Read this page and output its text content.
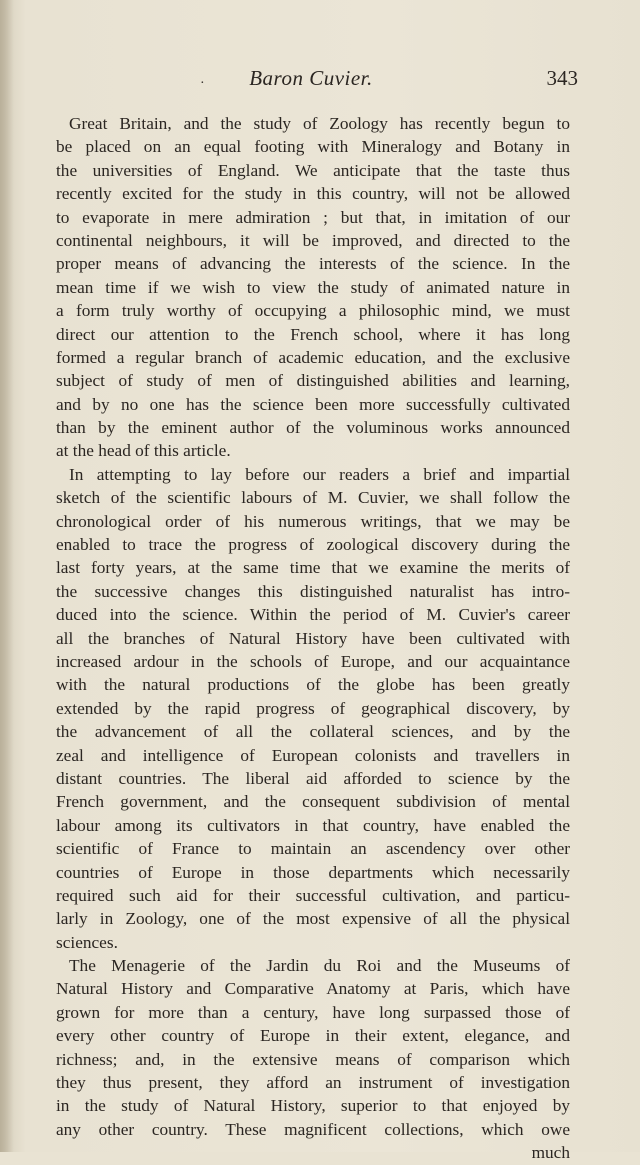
·	Baron Cuvier.	343
Great Britain, and the study of Zoology has recently begun to
be placed on an equal footing with Mineralogy and Botany in
the universities of England. We anticipate that the taste thus
recently excited for the study in this country, will not be allowed
to evaporate in mere admiration ; but that, in imitation of our
continental neighbours, it will be improved, and directed to the
proper means of advancing the interests of the science. In the
mean time if we wish to view the study of animated nature in
a form truly worthy of occupying a philosophic mind, we must
direct our attention to the French school, where it has long
formed a regular branch of academic education, and the exclusive
subject of study of men of distinguished abilities and learning,
and by no one has the science been more successfully cultivated
than by the eminent author of the voluminous works announced
at the head of this article.
In attempting to lay before our readers a brief and impartial
sketch of the scientific labours of M. Cuvier, we shall follow the
chronological order of his numerous writings, that we may be
enabled to trace the progress of zoological discovery during the
last forty years, at the same time that we examine the merits of
the successive changes this distinguished naturalist has intro-
duced into the science. Within the period of M. Cuvier's career
all the branches of Natural History have been cultivated with
increased ardour in the schools of Europe, and our acquaintance
with the natural productions of the globe has been greatly
extended by the rapid progress of geographical discovery, by
the advancement of all the collateral sciences, and by the
zeal and intelligence of European colonists and travellers in
distant countries. The liberal aid afforded to science by the
French government, and the consequent subdivision of mental
labour among its cultivators in that country, have enabled the
scientific of France to maintain an ascendency over other
countries of Europe in those departments which necessarily
required such aid for their successful cultivation, and particu-
larly in Zoology, one of the most expensive of all the physical
sciences.
The Menagerie of the Jardin du Roi and the Museums of
Natural History and Comparative Anatomy at Paris, which have
grown for more than a century, have long surpassed those of
every other country of Europe in their extent, elegance, and
richness; and, in the extensive means of comparison which
they thus present, they afford an instrument of investigation
in the study of Natural History, superior to that enjoyed by
any other country. These magnificent collections, which owe
much
